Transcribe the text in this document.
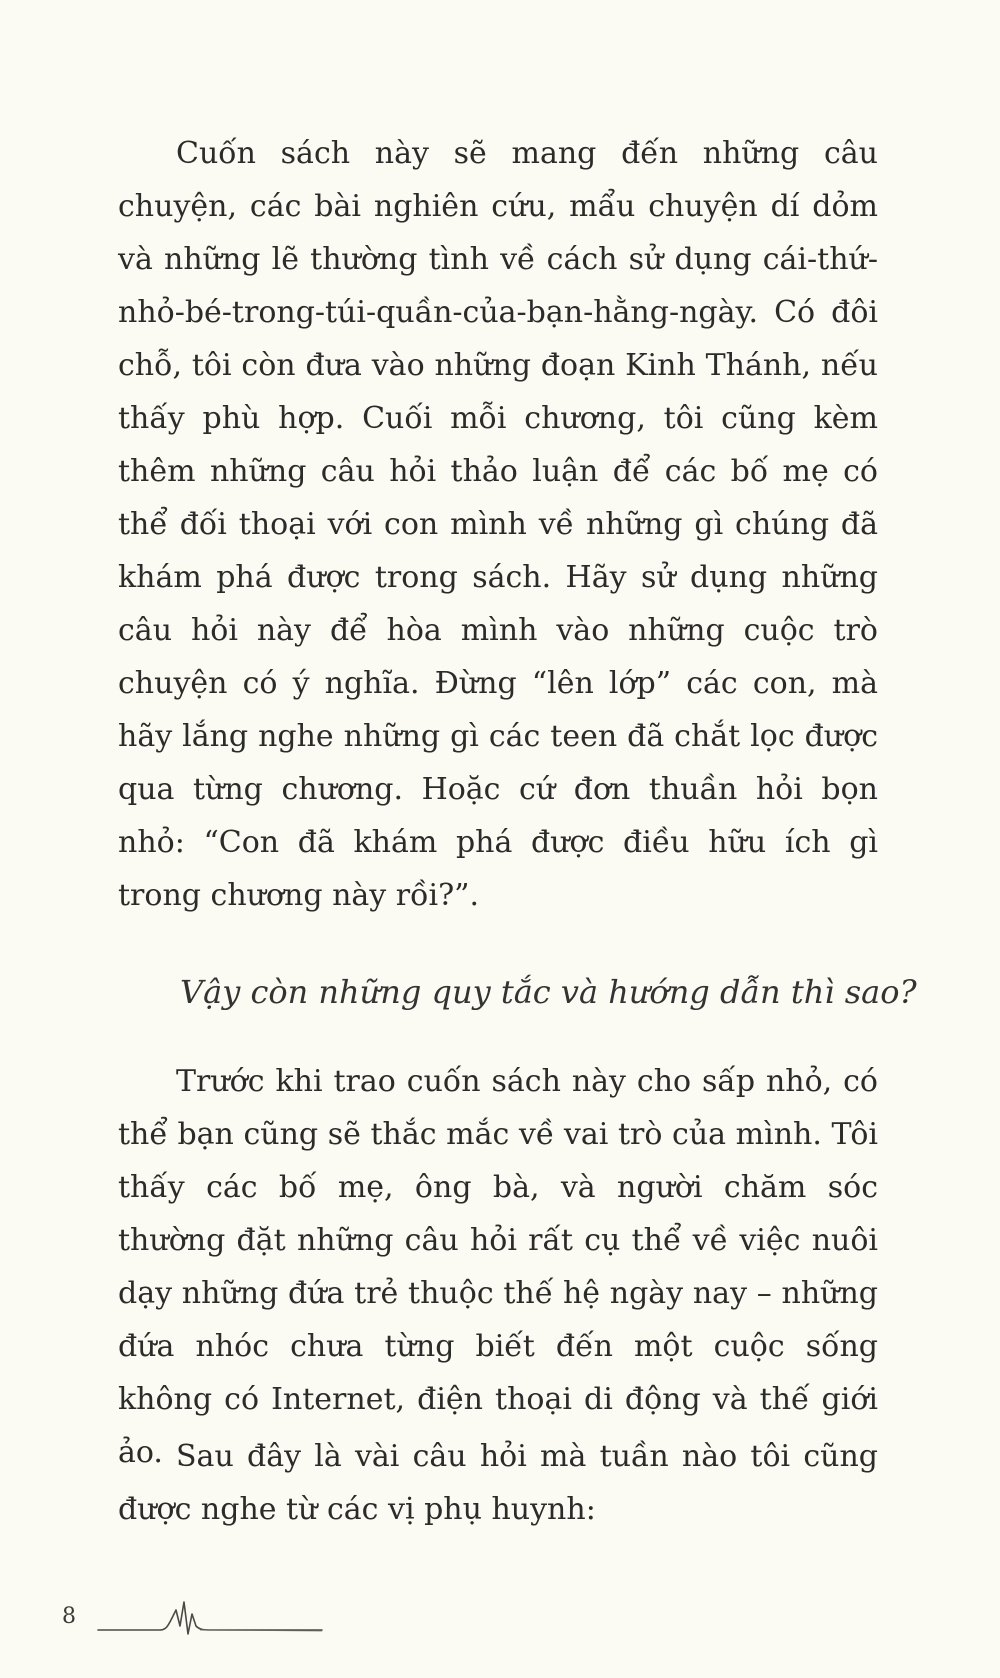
Cuốn sách này sẽ mang đến những câu chuyện, các bài nghiên cứu, mẩu chuyện dí dỏm và những lẽ thường tình về cách sử dụng cái-thứ-nhỏ-bé-trong-túi-quần-của-bạn-hằng-ngày. Có đôi chỗ, tôi còn đưa vào những đoạn Kinh Thánh, nếu thấy phù hợp. Cuối mỗi chương, tôi cũng kèm thêm những câu hỏi thảo luận để các bố mẹ có thể đối thoại với con mình về những gì chúng đã khám phá được trong sách. Hãy sử dụng những câu hỏi này để hòa mình vào những cuộc trò chuyện có ý nghĩa. Đừng “lên lớp” các con, mà hãy lắng nghe những gì các teen đã chắt lọc được qua từng chương. Hoặc cứ đơn thuần hỏi bọn nhỏ: “Con đã khám phá được điều hữu ích gì trong chương này rồi?”.

Vậy còn những quy tắc và hướng dẫn thì sao?

Trước khi trao cuốn sách này cho sấp nhỏ, có thể bạn cũng sẽ thắc mắc về vai trò của mình. Tôi thấy các bố mẹ, ông bà, và người chăm sóc thường đặt những câu hỏi rất cụ thể về việc nuôi dạy những đứa trẻ thuộc thế hệ ngày nay – những đứa nhóc chưa từng biết đến một cuộc sống không có Internet, điện thoại di động và thế giới ảo. Sau đây là vài câu hỏi mà tuần nào tôi cũng được nghe từ các vị phụ huynh:

8
